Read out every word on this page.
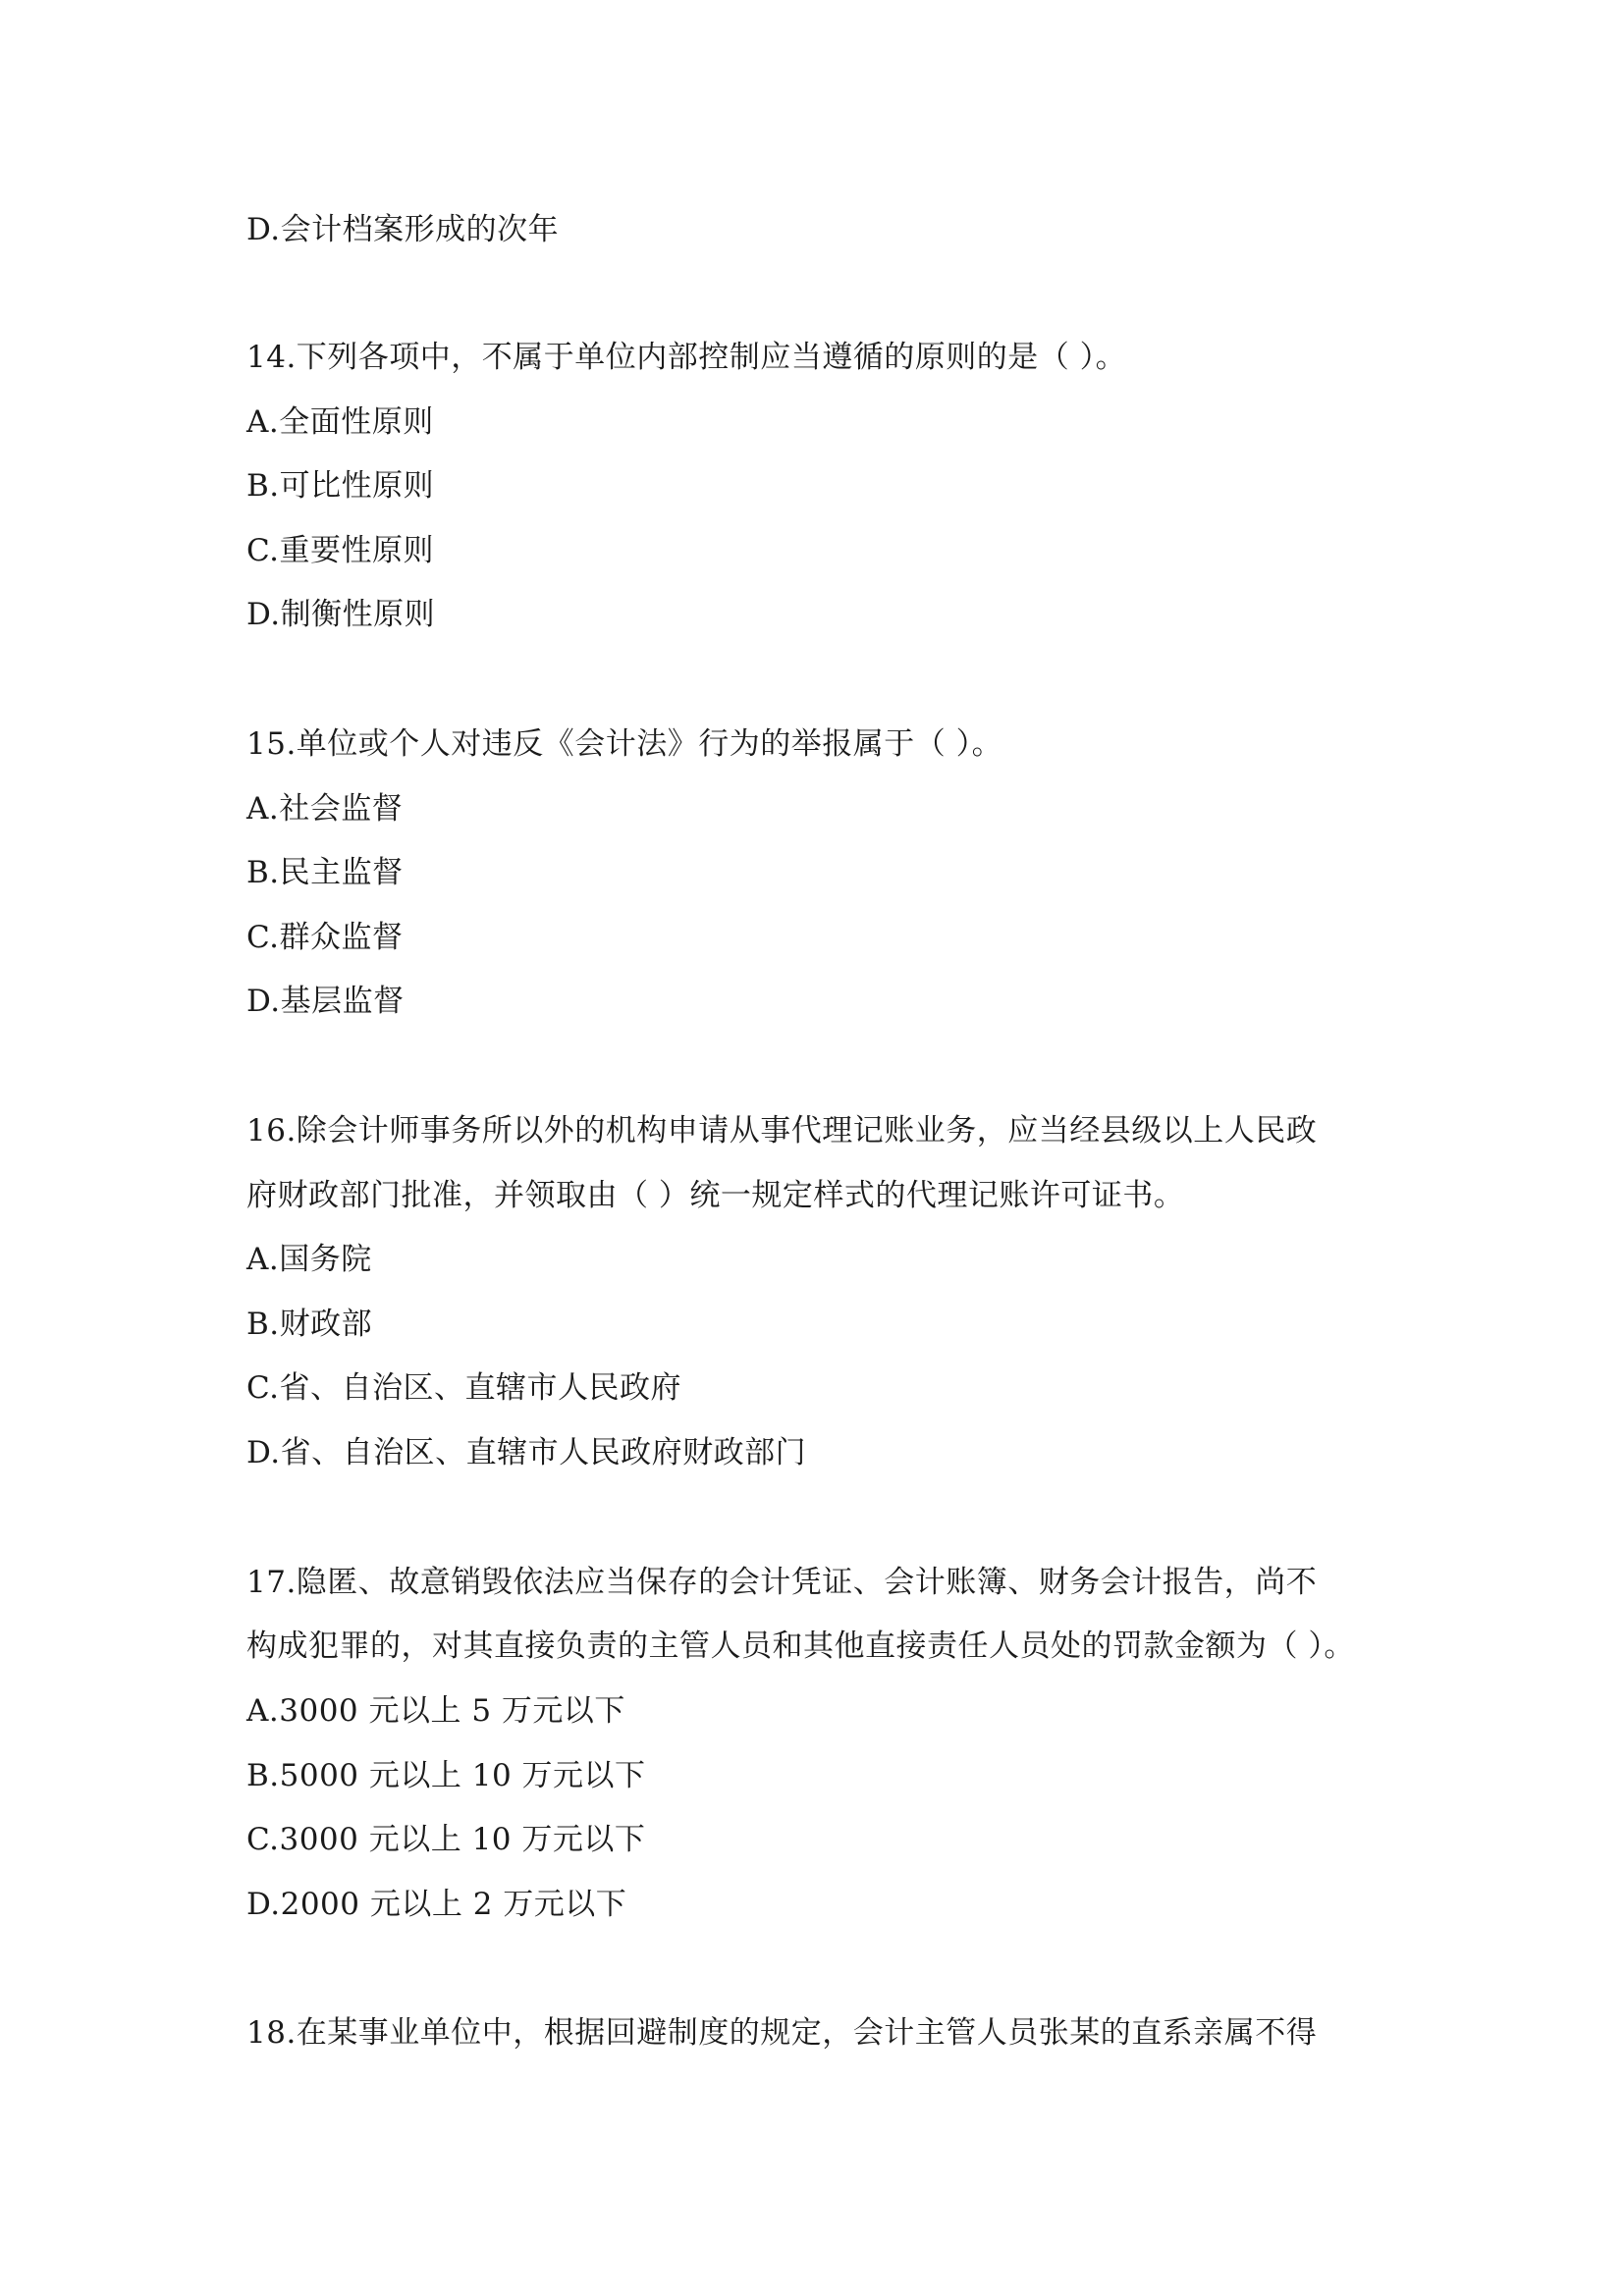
D.会计档案形成的次年
14.下列各项中，不属于单位内部控制应当遵循的原则的是（ ）。
A.全面性原则
B.可比性原则
C.重要性原则
D.制衡性原则
15.单位或个人对违反《会计法》行为的举报属于（ ）。
A.社会监督
B.民主监督
C.群众监督
D.基层监督
16.除会计师事务所以外的机构申请从事代理记账业务，应当经县级以上人民政
府财政部门批准，并领取由（ ）统一规定样式的代理记账许可证书。
A.国务院
B.财政部
C.省、自治区、直辖市人民政府
D.省、自治区、直辖市人民政府财政部门
17.隐匿、故意销毁依法应当保存的会计凭证、会计账簿、财务会计报告，尚不
构成犯罪的，对其直接负责的主管人员和其他直接责任人员处的罚款金额为（ ）。
A.3000 元以上 5 万元以下
B.5000 元以上 10 万元以下
C.3000 元以上 10 万元以下
D.2000 元以上 2 万元以下
18.在某事业单位中，根据回避制度的规定，会计主管人员张某的直系亲属不得
